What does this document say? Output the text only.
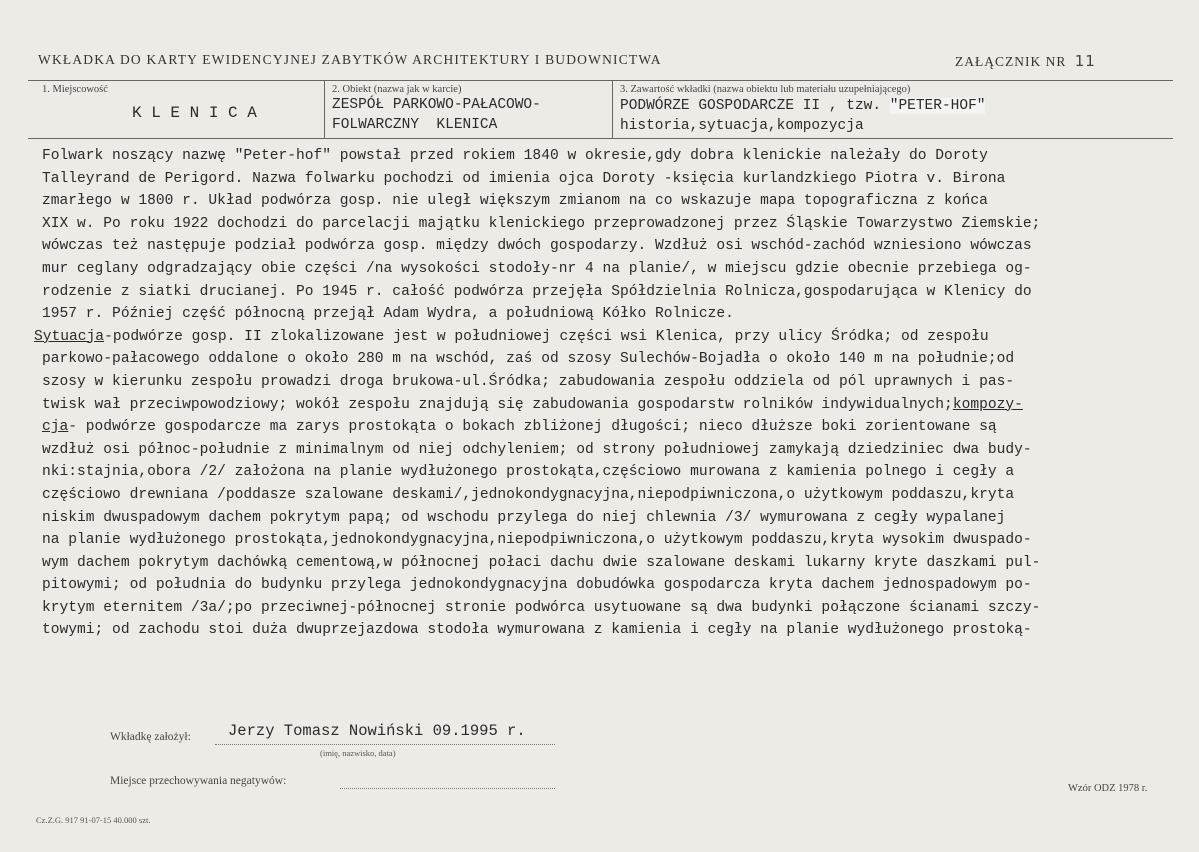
WKŁADKA DO KARTY EWIDENCYJNEJ ZABYTKÓW ARCHITEKTURY I BUDOWNICTWA	ZAŁĄCZNIK NR 11
1. Miejscowość
K L E N I C A
2. Obiekt (nazwa jak w karcie)
ZESPÓŁ PARKOWO-PAŁACOWO-
FOLWARCZNY  KLENICA
3. Zawartość wkładki (nazwa obiektu lub materiału uzupełniającego)
PODWÓRZE GOSPODARCZE II , tzw. "PETER-HOF"
historia,sytuacja,kompozycja
Folwark noszący nazwę "Peter-hof" powstał przed rokiem 1840 w okresie,gdy dobra klenickie należały do Doroty
Talleyrand de Perigord. Nazwa folwarku pochodzi od imienia ojca Doroty -księcia kurlandzkiego Piotra v. Birona
zmarłego w 1800 r. Układ podwórza gosp. nie uległ większym zmianom na co wskazuje mapa topograficzna z końca
XIX w. Po roku 1922 dochodzi do parcelacji majątku klenickiego przeprowadzonej przez Śląskie Towarzystwo Ziemskie;
wówczas też następuje podział podwórza gosp. między dwóch gospodarzy. Wzdłuż osi wschód-zachód wzniesiono wówczas
mur ceglany odgradzający obie części /na wysokości stodoły-nr 4 na planie/, w miejscu gdzie obecnie przebiega og-
rodzenie z siatki drucianej. Po 1945 r. całość podwórza przejęła Spółdzielnia Rolnicza,gospodarująca w Klenicy do
1957 r. Później część północną przejął Adam Wydra, a południową Kółko Rolnicze.
Sytuacja-podwórze gosp. II zlokalizowane jest w południowej części wsi Klenica, przy ulicy Śródka; od zespołu
parkowo-pałacowego oddalone o około 280 m na wschód, zaś od szosy Sulechów-Bojadła o około 140 m na południe;od
szosy w kierunku zespołu prowadzi droga brukowa-ul.Śródka; zabudowania zespołu oddziela od pól uprawnych i pas-
twisk wał przeciwpowodziowy; wokół zespołu znajdują się zabudowania gospodarstw rolników indywidualnych;kompozy-
cja- podwórze gospodarcze ma zarys prostokąta o bokach zbliżonej długości; nieco dłuższe boki zorientowane są
wzdłuż osi północ-południe z minimalnym od niej odchyleniem; od strony południowej zamykają dziedziniec dwa budy-
nki:stajnia,obora /2/ założona na planie wydłużonego prostokąta,częściowo murowana z kamienia polnego i cegły a
częściowo drewniana /poddasze szalowane deskami/,jednokondygnacyjna,niepodpiwniczona,o użytkowym poddaszu,kryta
niskim dwuspadowym dachem pokrytym papą; od wschodu przylega do niej chlewnia /3/ wymurowana z cegły wypalanej
na planie wydłużonego prostokąta,jednokondygnacyjna,niepodpiwniczona,o użytkowym poddaszu,kryta wysokim dwuspado-
wym dachem pokrytym dachówką cementową,w północnej połaci dachu dwie szalowane deskami lukarny kryte daszkami pul-
pitowymi; od południa do budynku przylega jednokondygnacyjna dobudówka gospodarcza kryta dachem jednospadowym po-
krytym eternitem /3a/;po przeciwnej-północnej stronie podwórca usytuowane są dwa budynki połączone ścianami szczy-
towymi; od zachodu stoi duża dwuprzejazdowa stodoła wymurowana z kamienia i cegły na planie wydłużonego prostoką-
Wkładkę założył: Jerzy Tomasz Nowiński 09.1995 r.
(imię, nazwisko, data)
Miejsce przechowywania negatywów:
Cz.Z.G. 917 91-07-15 40.000 szt.
Wzór ODZ 1978 r.
